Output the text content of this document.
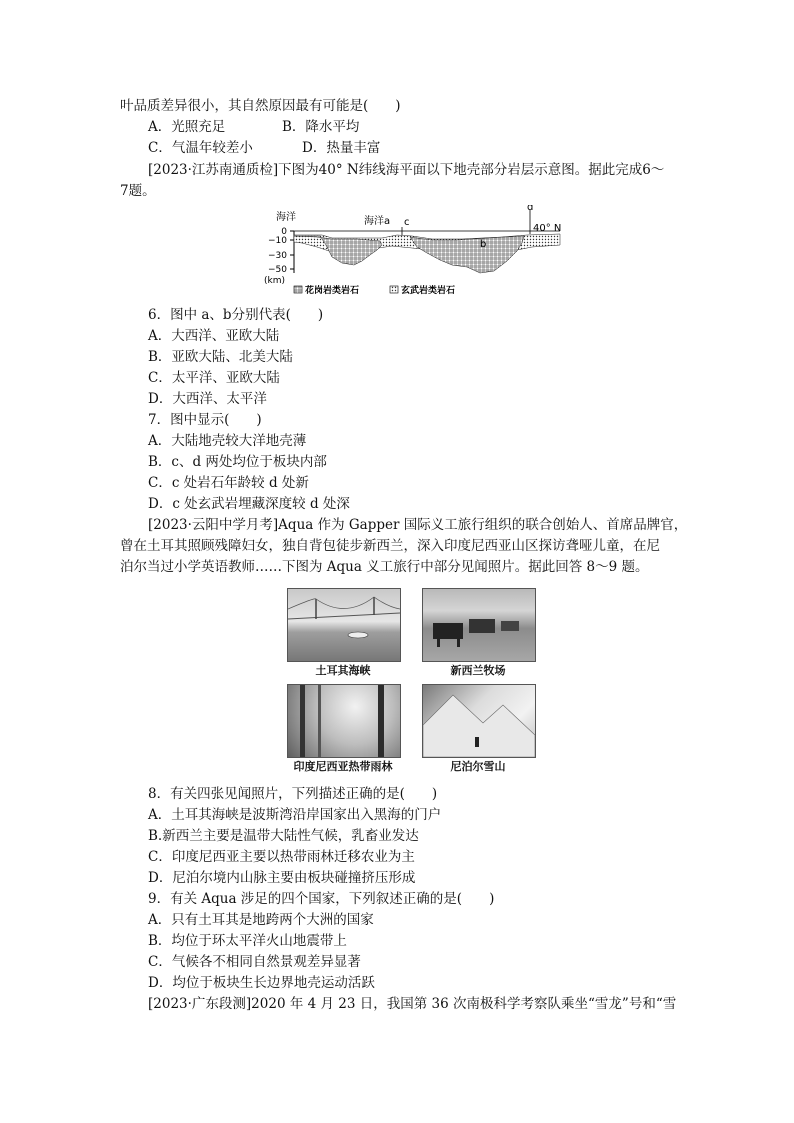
叶品质差异很小，其自然原因最有可能是(　　)
A．光照充足	B．降水平均
C．气温年较差小	D．热量丰富
[2023·江苏南通质检]下图为40° N纬线海平面以下地壳部分岩层示意图。据此完成6～
7题。
海洋	海洋a c
d
b
40° N
0
−10
−30
−50
(km)
花岗岩类岩石	玄武岩类岩石
6．图中 a、b分别代表(　　)
A．大西洋、亚欧大陆
B．亚欧大陆、北美大陆
C．太平洋、亚欧大陆
D．大西洋、太平洋
7．图中显示(　　)
A．大陆地壳较大洋地壳薄
B．c、d 两处均位于板块内部
C．c 处岩石年龄较 d 处新
D．c 处玄武岩埋藏深度较 d 处深
[2023·云阳中学月考]Aqua 作为 Gapper 国际义工旅行组织的联合创始人、首席品牌官，
曾在土耳其照顾残障妇女，独自背包徒步新西兰，深入印度尼西亚山区探访聋哑儿童，在尼
泊尔当过小学英语教师……下图为 Aqua 义工旅行中部分见闻照片。据此回答 8～9 题。
土耳其海峡	新西兰牧场
印度尼西亚热带雨林	尼泊尔雪山
8．有关四张见闻照片，下列描述正确的是(　　)
A．土耳其海峡是波斯湾沿岸国家出入黑海的门户
B.新西兰主要是温带大陆性气候，乳畜业发达
C．印度尼西亚主要以热带雨林迁移农业为主
D．尼泊尔境内山脉主要由板块碰撞挤压形成
9．有关 Aqua 涉足的四个国家，下列叙述正确的是(　　)
A．只有土耳其是地跨两个大洲的国家
B．均位于环太平洋火山地震带上
C．气候各不相同自然景观差异显著
D．均位于板块生长边界地壳运动活跃
[2023·广东段测]2020 年 4 月 23 日，我国第 36 次南极科学考察队乘坐“雪龙”号和“雪
